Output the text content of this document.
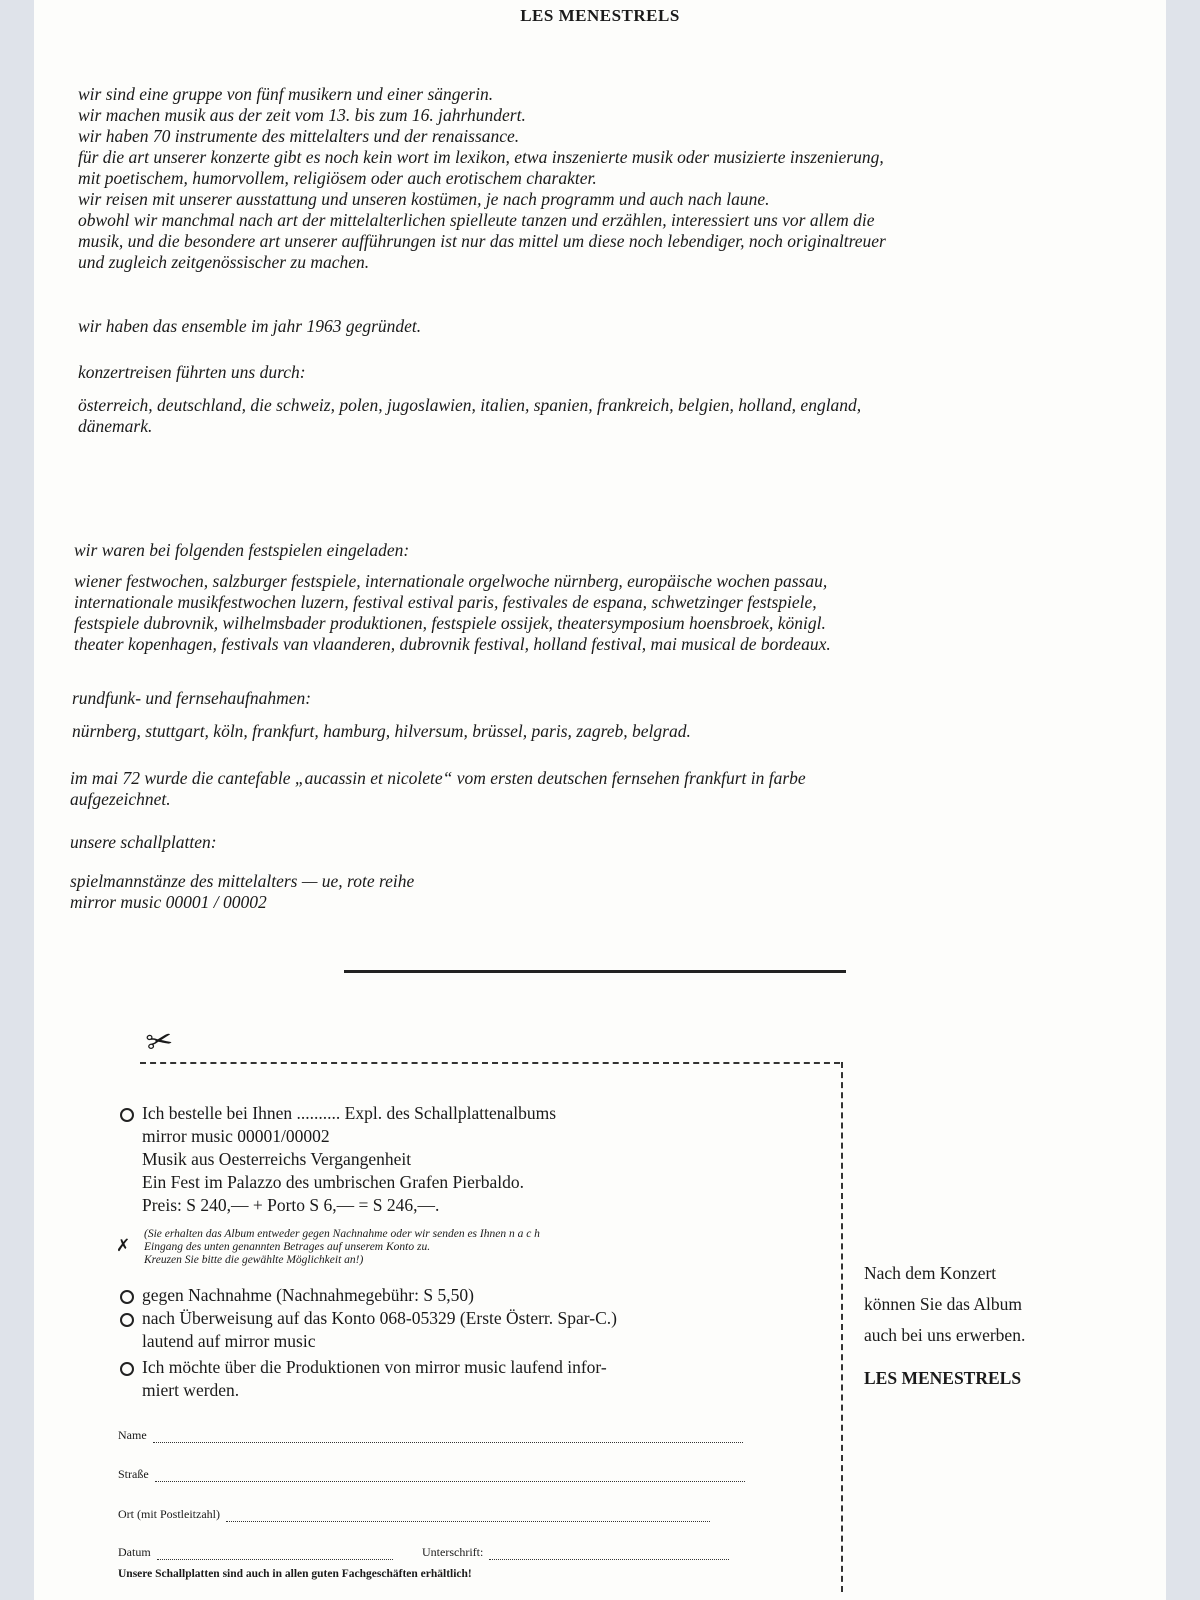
LES MENESTRELS

wir sind eine gruppe von fünf musikern und einer sängerin.

wir machen musik aus der zeit vom 13. bis zum 16. jahrhundert.

wir haben 70 instrumente des mittelalters und der renaissance.

für die art unserer konzerte gibt es noch kein wort im lexikon, etwa inszenierte musik oder musizierte inszenierung,

mit poetischem, humorvollem, religiösem oder auch erotischem charakter.

wir reisen mit unserer ausstattung und unseren kostümen, je nach programm und auch nach laune.

obwohl wir manchmal nach art der mittelalterlichen spielleute tanzen und erzählen, interessiert uns vor allem die

musik, und die besondere art unserer aufführungen ist nur das mittel um diese noch lebendiger, noch originaltreuer

und zugleich zeitgenössischer zu machen.

wir haben das ensemble im jahr 1963 gegründet.

konzertreisen führten uns durch:

österreich, deutschland, die schweiz, polen, jugoslawien, italien, spanien, frankreich, belgien, holland, england,

dänemark.

wir waren bei folgenden festspielen eingeladen:

wiener festwochen, salzburger festspiele, internationale orgelwoche nürnberg, europäische wochen passau,

internationale musikfestwochen luzern, festival estival paris, festivales de espana, schwetzinger festspiele,

festspiele dubrovnik, wilhelmsbader produktionen, festspiele ossijek, theatersymposium hoensbroek, königl.

theater kopenhagen, festivals van vlaanderen, dubrovnik festival, holland festival, mai musical de bordeaux.

rundfunk- und fernsehaufnahmen:

nürnberg, stuttgart, köln, frankfurt, hamburg, hilversum, brüssel, paris, zagreb, belgrad.

im mai 72 wurde die cantefable „aucassin et nicolete“ vom ersten deutschen fernsehen frankfurt in farbe

aufgezeichnet.

unsere schallplatten:

spielmannstänze des mittelalters — ue, rote reihe

mirror music 00001 / 00002

✂
Ich bestelle bei Ihnen .......... Expl. des Schallplattenalbums
mirror music 00001/00002
Musik aus Oesterreichs Vergangenheit
Ein Fest im Palazzo des umbrischen Grafen Pierbaldo.
Preis: S 240,— + Porto S 6,— = S 246,—.
✗
(Sie erhalten das Album entweder gegen Nachnahme oder wir senden es Ihnen n a c h
Eingang des unten genannten Betrages auf unserem Konto zu.
Kreuzen Sie bitte die gewählte Möglichkeit an!)
gegen Nachnahme (Nachnahmegebühr: S 5,50)
nach Überweisung auf das Konto 068-05329 (Erste Österr. Spar-C.)
lautend auf mirror music
Ich möchte über die Produktionen von mirror music laufend infor-
miert werden.
Name
Straße
Ort (mit Postleitzahl)
Datum	Unterschrift:
Unsere Schallplatten sind auch in allen guten Fachgeschäften erhältlich!
Nach dem Konzert
können Sie das Album
auch bei uns erwerben.
LES MENESTRELS
